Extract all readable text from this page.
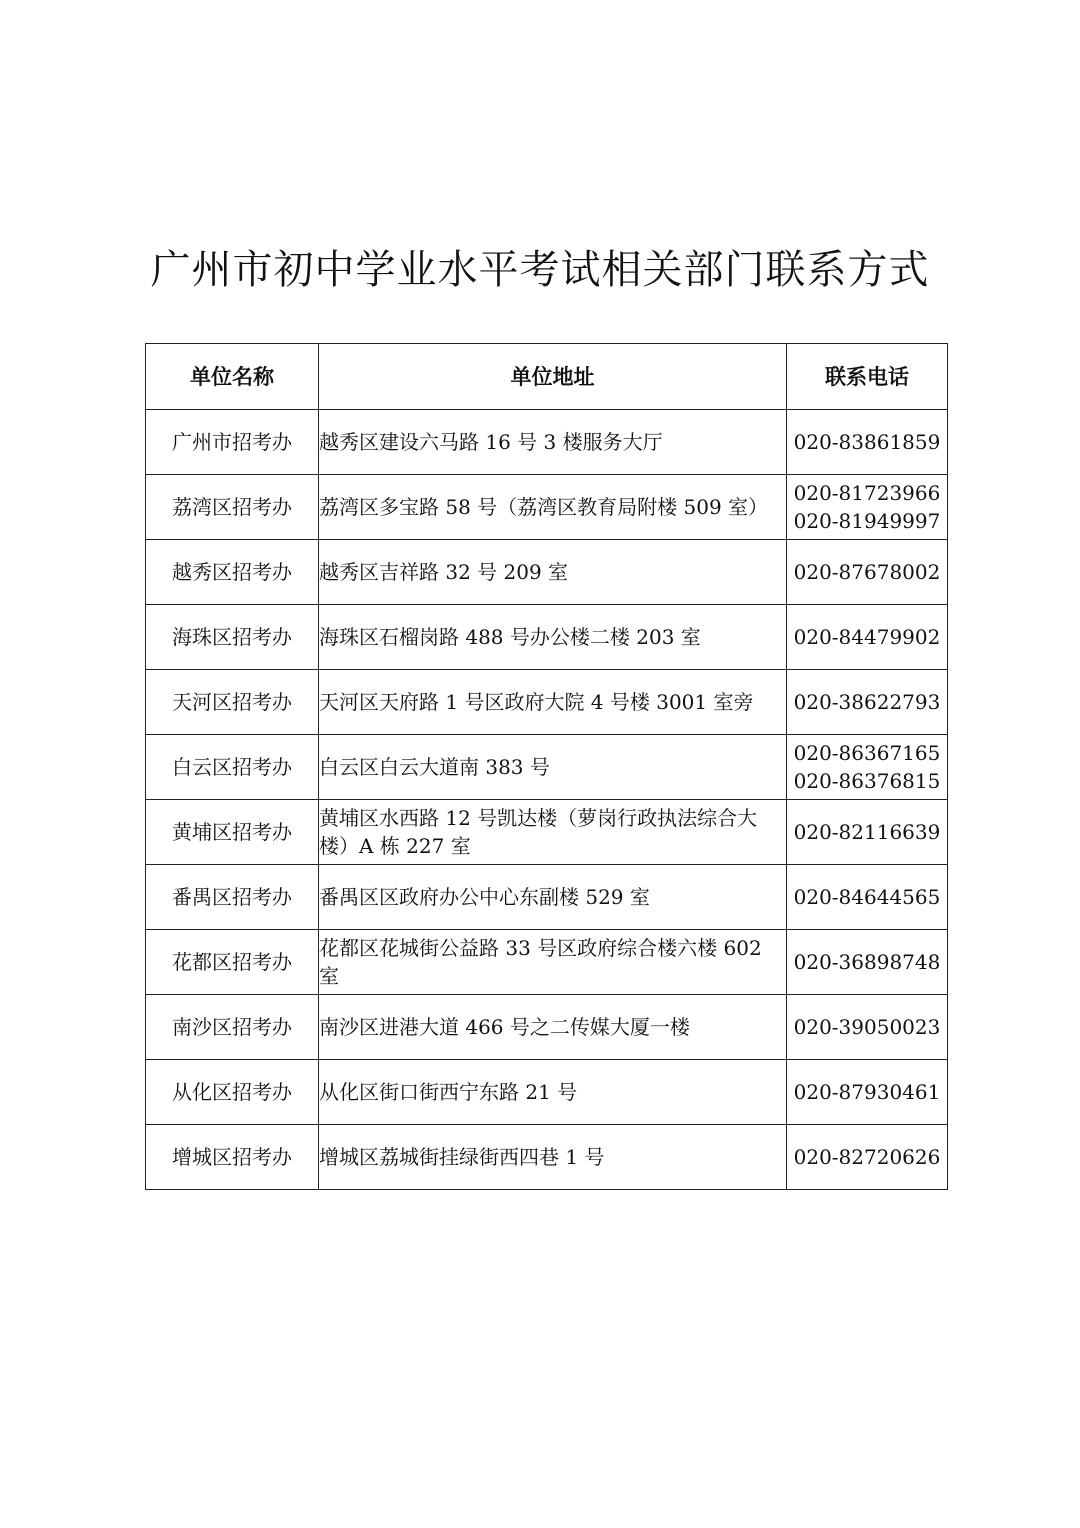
广州市初中学业水平考试相关部门联系方式
单位名称	单位地址	联系电话
广州市招考办	越秀区建设六马路 16 号 3 楼服务大厅	020-83861859

荔湾区招考办	荔湾区多宝路 58 号（荔湾区教育局附楼 509 室）	020-81723966
020-81949997

越秀区招考办	越秀区吉祥路 32 号 209 室	020-87678002

海珠区招考办	海珠区石榴岗路 488 号办公楼二楼 203 室	020-84479902

天河区招考办	天河区天府路 1 号区政府大院 4 号楼 3001 室旁	020-38622793

白云区招考办	白云区白云大道南 383 号	020-86367165
020-86376815

黄埔区招考办	黄埔区水西路 12 号凯达楼（萝岗行政执法综合大楼）A 栋 227 室	020-82116639

番禺区招考办	番禺区区政府办公中心东副楼 529 室	020-84644565

花都区招考办	花都区花城街公益路 33 号区政府综合楼六楼 602 室	020-36898748

南沙区招考办	南沙区进港大道 466 号之二传媒大厦一楼	020-39050023

从化区招考办	从化区街口街西宁东路 21 号	020-87930461

增城区招考办	增城区荔城街挂绿街西四巷 1 号	020-82720626
